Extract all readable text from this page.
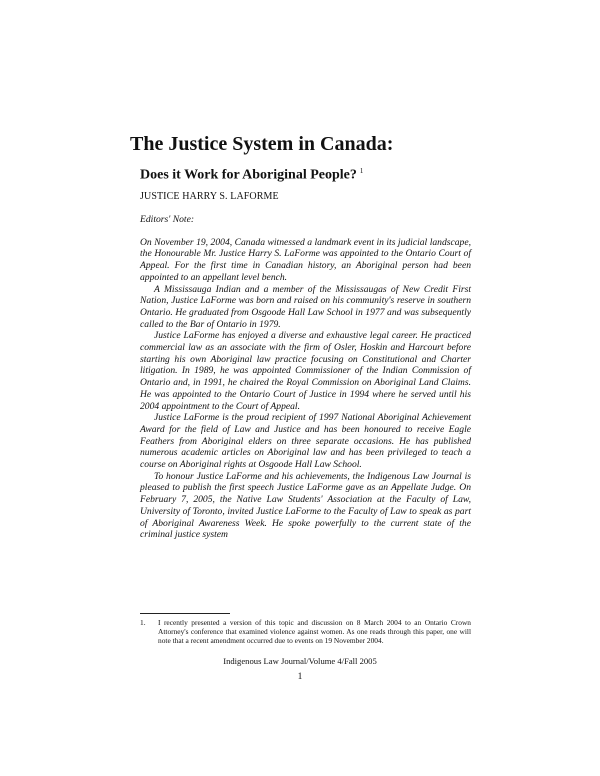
The Justice System in Canada:
Does it Work for Aboriginal People? $^1$
JUSTICE HARRY S. LAFORME

Editors' Note:

On November 19, 2004, Canada witnessed a landmark event in its judicial landscape, the Honourable Mr. Justice Harry S. LaForme was appointed to the Ontario Court of Appeal. For the first time in Canadian history, an Aboriginal person had been appointed to an appellant level bench.

A Mississauga Indian and a member of the Mississaugas of New Credit First Nation, Justice LaForme was born and raised on his community's reserve in southern Ontario. He graduated from Osgoode Hall Law School in 1977 and was subsequently called to the Bar of Ontario in 1979.

Justice LaForme has enjoyed a diverse and exhaustive legal career. He practiced commercial law as an associate with the firm of Osler, Hoskin and Harcourt before starting his own Aboriginal law practice focusing on Constitutional and Charter litigation. In 1989, he was appointed Commissioner of the Indian Commission of Ontario and, in 1991, he chaired the Royal Commission on Aboriginal Land Claims. He was appointed to the Ontario Court of Justice in 1994 where he served until his 2004 appointment to the Court of Appeal.

Justice LaForme is the proud recipient of 1997 National Aboriginal Achievement Award for the field of Law and Justice and has been honoured to receive Eagle Feathers from Aboriginal elders on three separate occasions. He has published numerous academic articles on Aboriginal law and has been privileged to teach a course on Aboriginal rights at Osgoode Hall Law School.

To honour Justice LaForme and his achievements, the Indigenous Law Journal is pleased to publish the first speech Justice LaForme gave as an Appellate Judge. On February 7, 2005, the Native Law Students' Association at the Faculty of Law, University of Toronto, invited Justice LaForme to the Faculty of Law to speak as part of Aboriginal Awareness Week. He spoke powerfully to the current state of the criminal justice system

1.	I recently presented a version of this topic and discussion on 8 March 2004 to an Ontario Crown Attorney's conference that examined violence against women. As one reads through this paper, one will note that a recent amendment occurred due to events on 19 November 2004.
Indigenous Law Journal/Volume 4/Fall 2005
1
